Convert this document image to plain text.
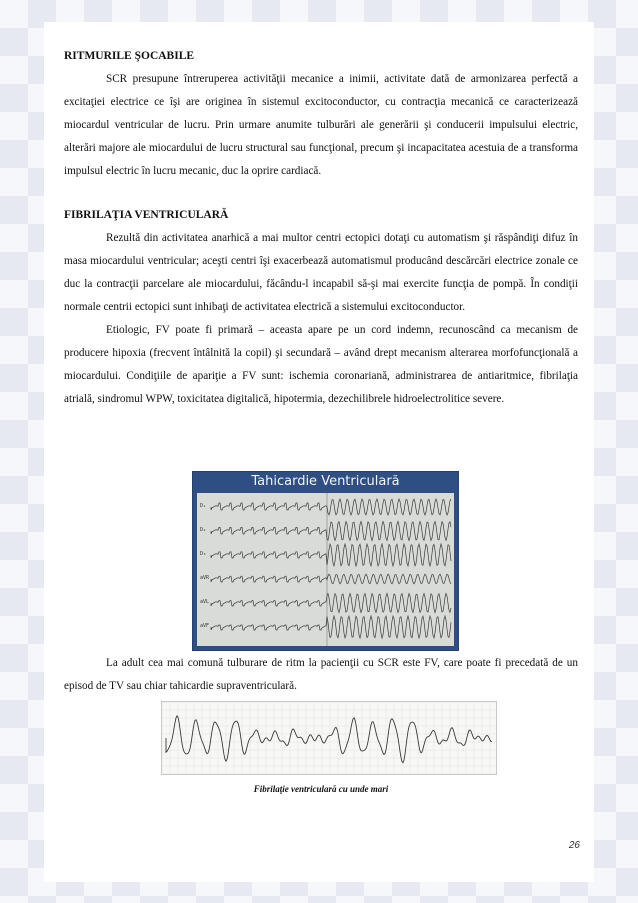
RITMURILE ŞOCABILE

SCR presupune întreruperea activităţii mecanice a inimii, activitate dată de armonizarea perfectă a excitaţiei electrice ce îşi are originea în sistemul excitoconductor, cu contracţia mecanică ce caracterizează miocardul ventricular de lucru. Prin urmare anumite tulburări ale generării şi conducerii impulsului electric, alterări majore ale miocardului de lucru structural sau funcţional, precum şi incapacitatea acestuia de a transforma impulsul electric în lucru mecanic, duc la oprire cardiacă.

FIBRILAŢIA VENTRICULARĂ

Rezultă din activitatea anarhică a mai multor centri ectopici dotaţi cu automatism şi răspândiţi difuz în masa miocardului ventricular; aceşti centri îşi exacerbează automatismul producând descărcări electrice zonale ce duc la contracţii parcelare ale miocardului, făcându-l incapabil să-şi mai exercite funcţia de pompă. În condiţii normale centrii ectopici sunt inhibaţi de activitatea electrică a sistemului excitoconductor.

Etiologic, FV poate fi primară – aceasta apare pe un cord indemn, recunoscând ca mecanism de producere hipoxia (frecvent întâlnită la copil) şi secundară – având drept mecanism alterarea morfofuncţională a miocardului. Condiţiile de apariţie a FV sunt: ischemia coronariană, administrarea de antiaritmice, fibrilaţia atrială, sindromul WPW, toxicitatea digitalică, hipotermia, dezechilibrele hidroelectrolitice severe.

Tahicardie Ventriculară
D₁
D₂
D₃
aVR
aVL
aVF

La adult cea mai comună tulburare de ritm la pacienţii cu SCR este FV, care poate fi precedată de un episod de TV sau chiar tahicardie supraventriculară.

Fibrilaţie ventriculară cu unde mari
26
